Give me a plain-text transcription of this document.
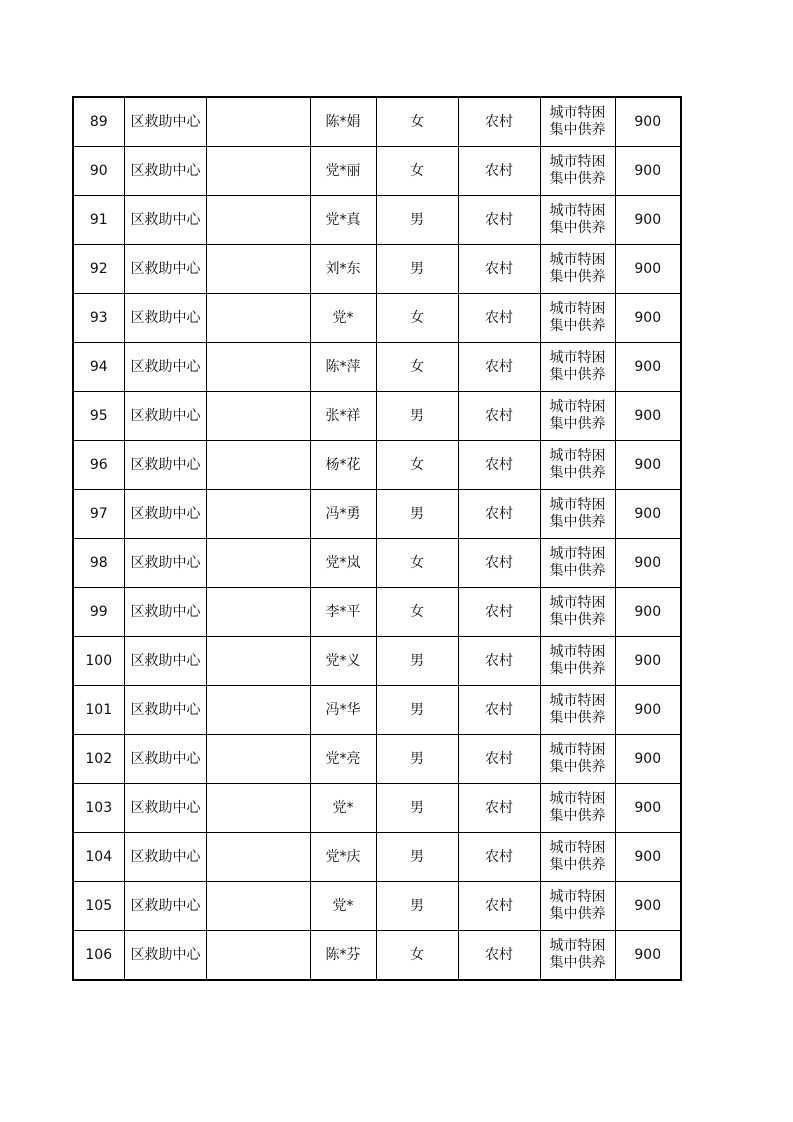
89	区救助中心		陈*娟	女	农村	城市特困
集中供养	900
90	区救助中心		党*丽	女	农村	城市特困
集中供养	900
91	区救助中心		党*真	男	农村	城市特困
集中供养	900
92	区救助中心		刘*东	男	农村	城市特困
集中供养	900
93	区救助中心		党*	女	农村	城市特困
集中供养	900
94	区救助中心		陈*萍	女	农村	城市特困
集中供养	900
95	区救助中心		张*祥	男	农村	城市特困
集中供养	900
96	区救助中心		杨*花	女	农村	城市特困
集中供养	900
97	区救助中心		冯*勇	男	农村	城市特困
集中供养	900
98	区救助中心		党*岚	女	农村	城市特困
集中供养	900
99	区救助中心		李*平	女	农村	城市特困
集中供养	900
100	区救助中心		党*义	男	农村	城市特困
集中供养	900
101	区救助中心		冯*华	男	农村	城市特困
集中供养	900
102	区救助中心		党*亮	男	农村	城市特困
集中供养	900
103	区救助中心		党*	男	农村	城市特困
集中供养	900
104	区救助中心		党*庆	男	农村	城市特困
集中供养	900
105	区救助中心		党*	男	农村	城市特困
集中供养	900
106	区救助中心		陈*芬	女	农村	城市特困
集中供养	900
